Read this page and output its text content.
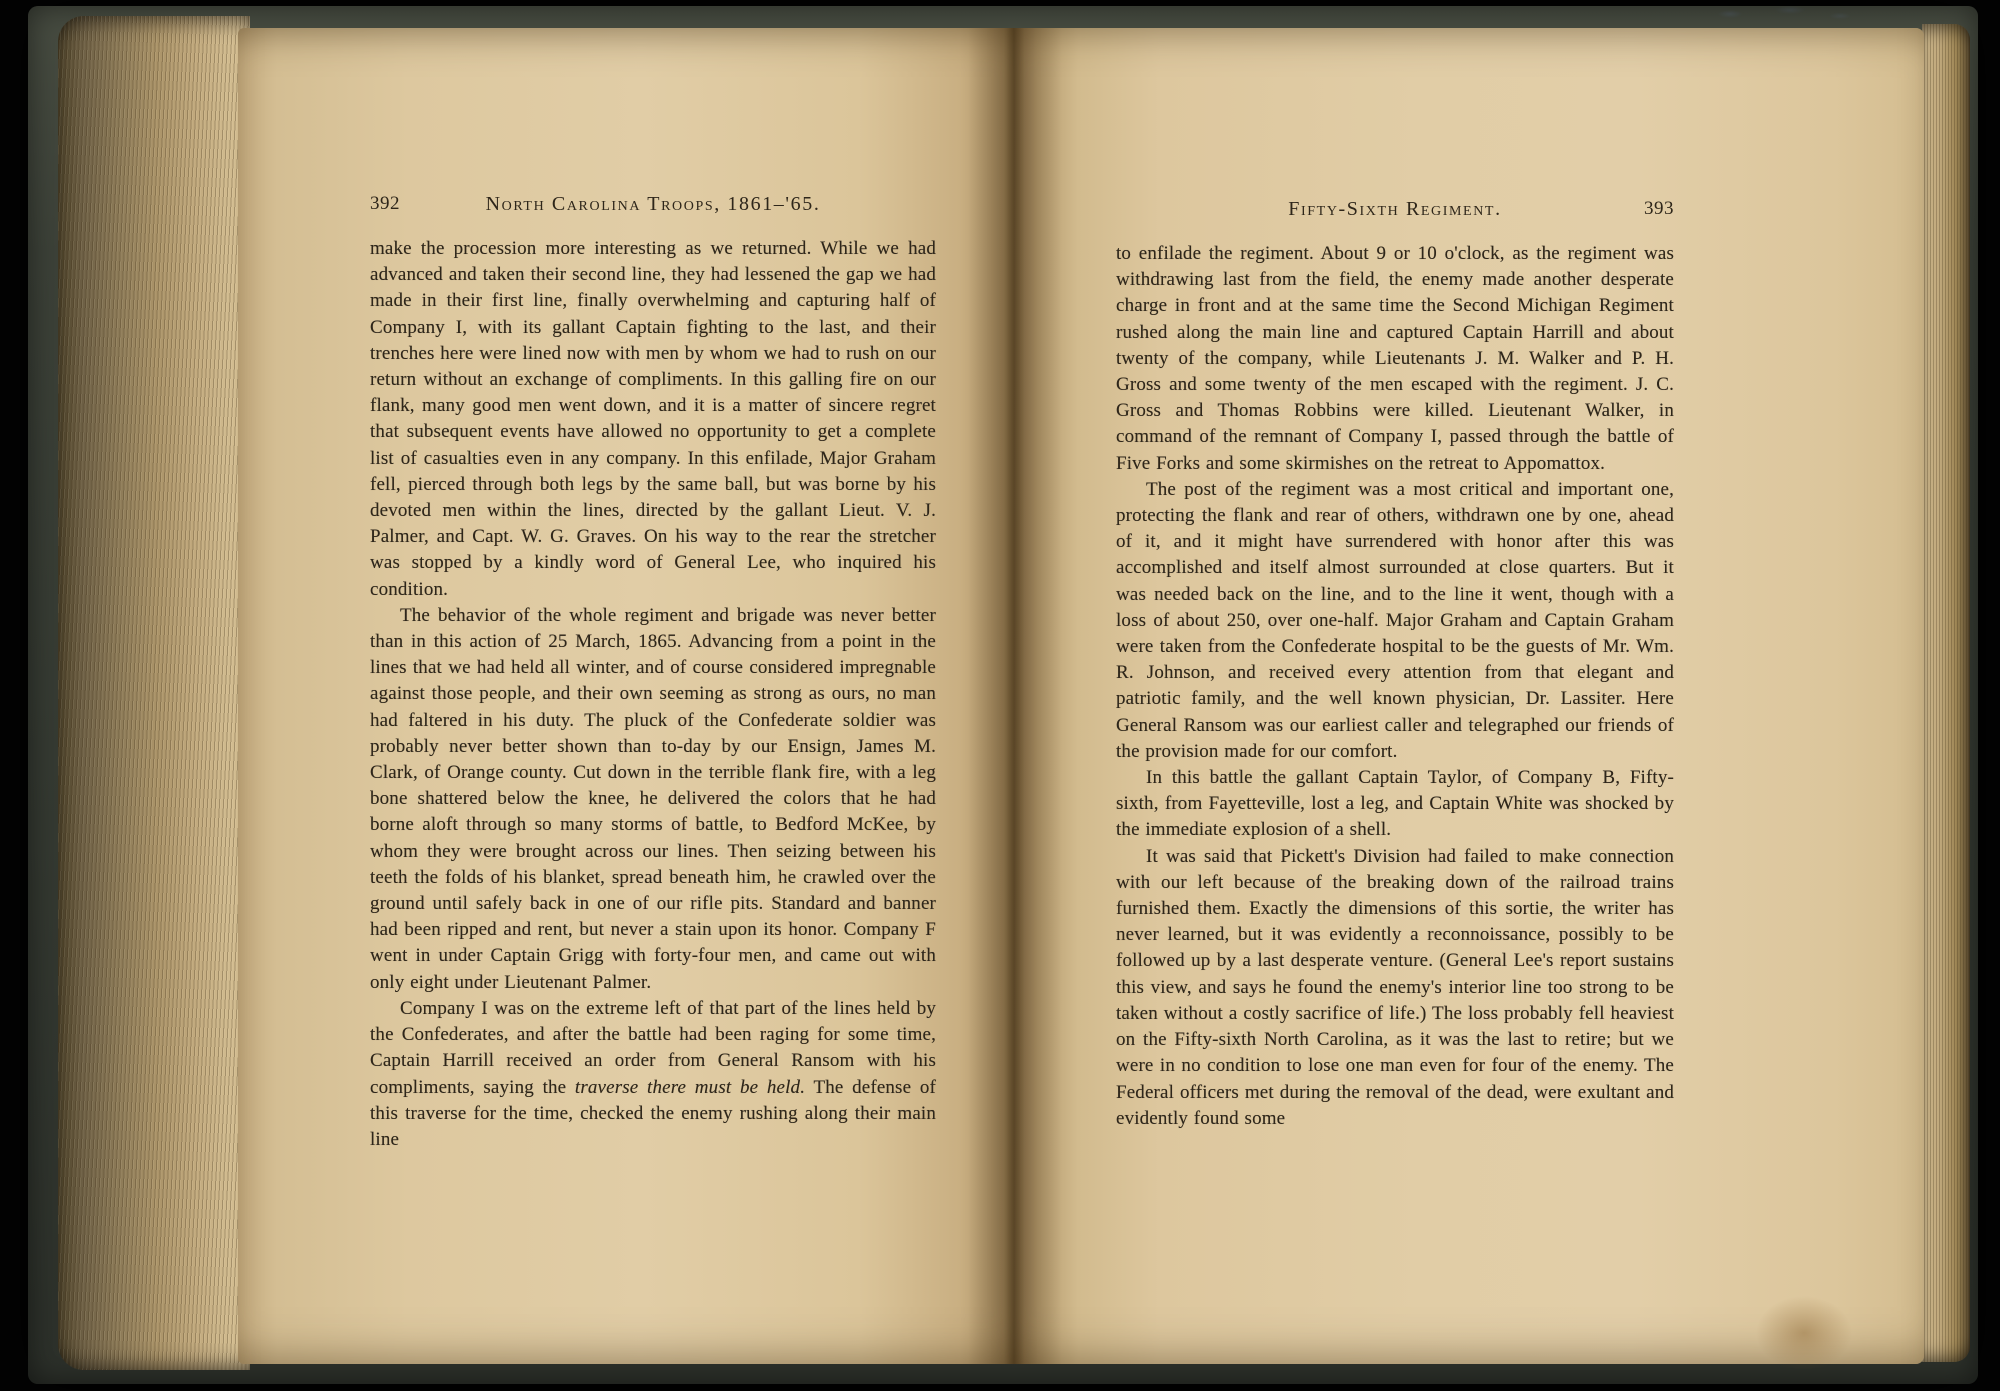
392	North Carolina Troops, 1861–'65.

make the procession more interesting as we returned. While we had advanced and taken their second line, they had lessened the gap we had made in their first line, finally overwhelming and capturing half of Company I, with its gallant Captain fighting to the last, and their trenches here were lined now with men by whom we had to rush on our return without an exchange of compliments. In this galling fire on our flank, many good men went down, and it is a matter of sincere regret that subsequent events have allowed no opportunity to get a complete list of casualties even in any company. In this enfilade, Major Graham fell, pierced through both legs by the same ball, but was borne by his devoted men within the lines, directed by the gallant Lieut. V. J. Palmer, and Capt. W. G. Graves. On his way to the rear the stretcher was stopped by a kindly word of General Lee, who inquired his condition.

The behavior of the whole regiment and brigade was never better than in this action of 25 March, 1865. Advancing from a point in the lines that we had held all winter, and of course considered impregnable against those people, and their own seeming as strong as ours, no man had faltered in his duty. The pluck of the Confederate soldier was probably never better shown than to-day by our Ensign, James M. Clark, of Orange county. Cut down in the terrible flank fire, with a leg bone shattered below the knee, he delivered the colors that he had borne aloft through so many storms of battle, to Bedford McKee, by whom they were brought across our lines. Then seizing between his teeth the folds of his blanket, spread beneath him, he crawled over the ground until safely back in one of our rifle pits. Standard and banner had been ripped and rent, but never a stain upon its honor. Company F went in under Captain Grigg with forty-four men, and came out with only eight under Lieutenant Palmer.

Company I was on the extreme left of that part of the lines held by the Confederates, and after the battle had been raging for some time, Captain Harrill received an order from General Ransom with his compliments, saying the traverse there must be held. The defense of this traverse for the time, checked the enemy rushing along their main line

Fifty-Sixth Regiment.	393

to enfilade the regiment. About 9 or 10 o'clock, as the regiment was withdrawing last from the field, the enemy made another desperate charge in front and at the same time the Second Michigan Regiment rushed along the main line and captured Captain Harrill and about twenty of the company, while Lieutenants J. M. Walker and P. H. Gross and some twenty of the men escaped with the regiment. J. C. Gross and Thomas Robbins were killed. Lieutenant Walker, in command of the remnant of Company I, passed through the battle of Five Forks and some skirmishes on the retreat to Appomattox.

The post of the regiment was a most critical and important one, protecting the flank and rear of others, withdrawn one by one, ahead of it, and it might have surrendered with honor after this was accomplished and itself almost surrounded at close quarters. But it was needed back on the line, and to the line it went, though with a loss of about 250, over one-half. Major Graham and Captain Graham were taken from the Confederate hospital to be the guests of Mr. Wm. R. Johnson, and received every attention from that elegant and patriotic family, and the well known physician, Dr. Lassiter. Here General Ransom was our earliest caller and telegraphed our friends of the provision made for our comfort.

In this battle the gallant Captain Taylor, of Company B, Fifty-sixth, from Fayetteville, lost a leg, and Captain White was shocked by the immediate explosion of a shell.

It was said that Pickett's Division had failed to make connection with our left because of the breaking down of the railroad trains furnished them. Exactly the dimensions of this sortie, the writer has never learned, but it was evidently a reconnoissance, possibly to be followed up by a last desperate venture. (General Lee's report sustains this view, and says he found the enemy's interior line too strong to be taken without a costly sacrifice of life.) The loss probably fell heaviest on the Fifty-sixth North Carolina, as it was the last to retire; but we were in no condition to lose one man even for four of the enemy. The Federal officers met during the removal of the dead, were exultant and evidently found some
